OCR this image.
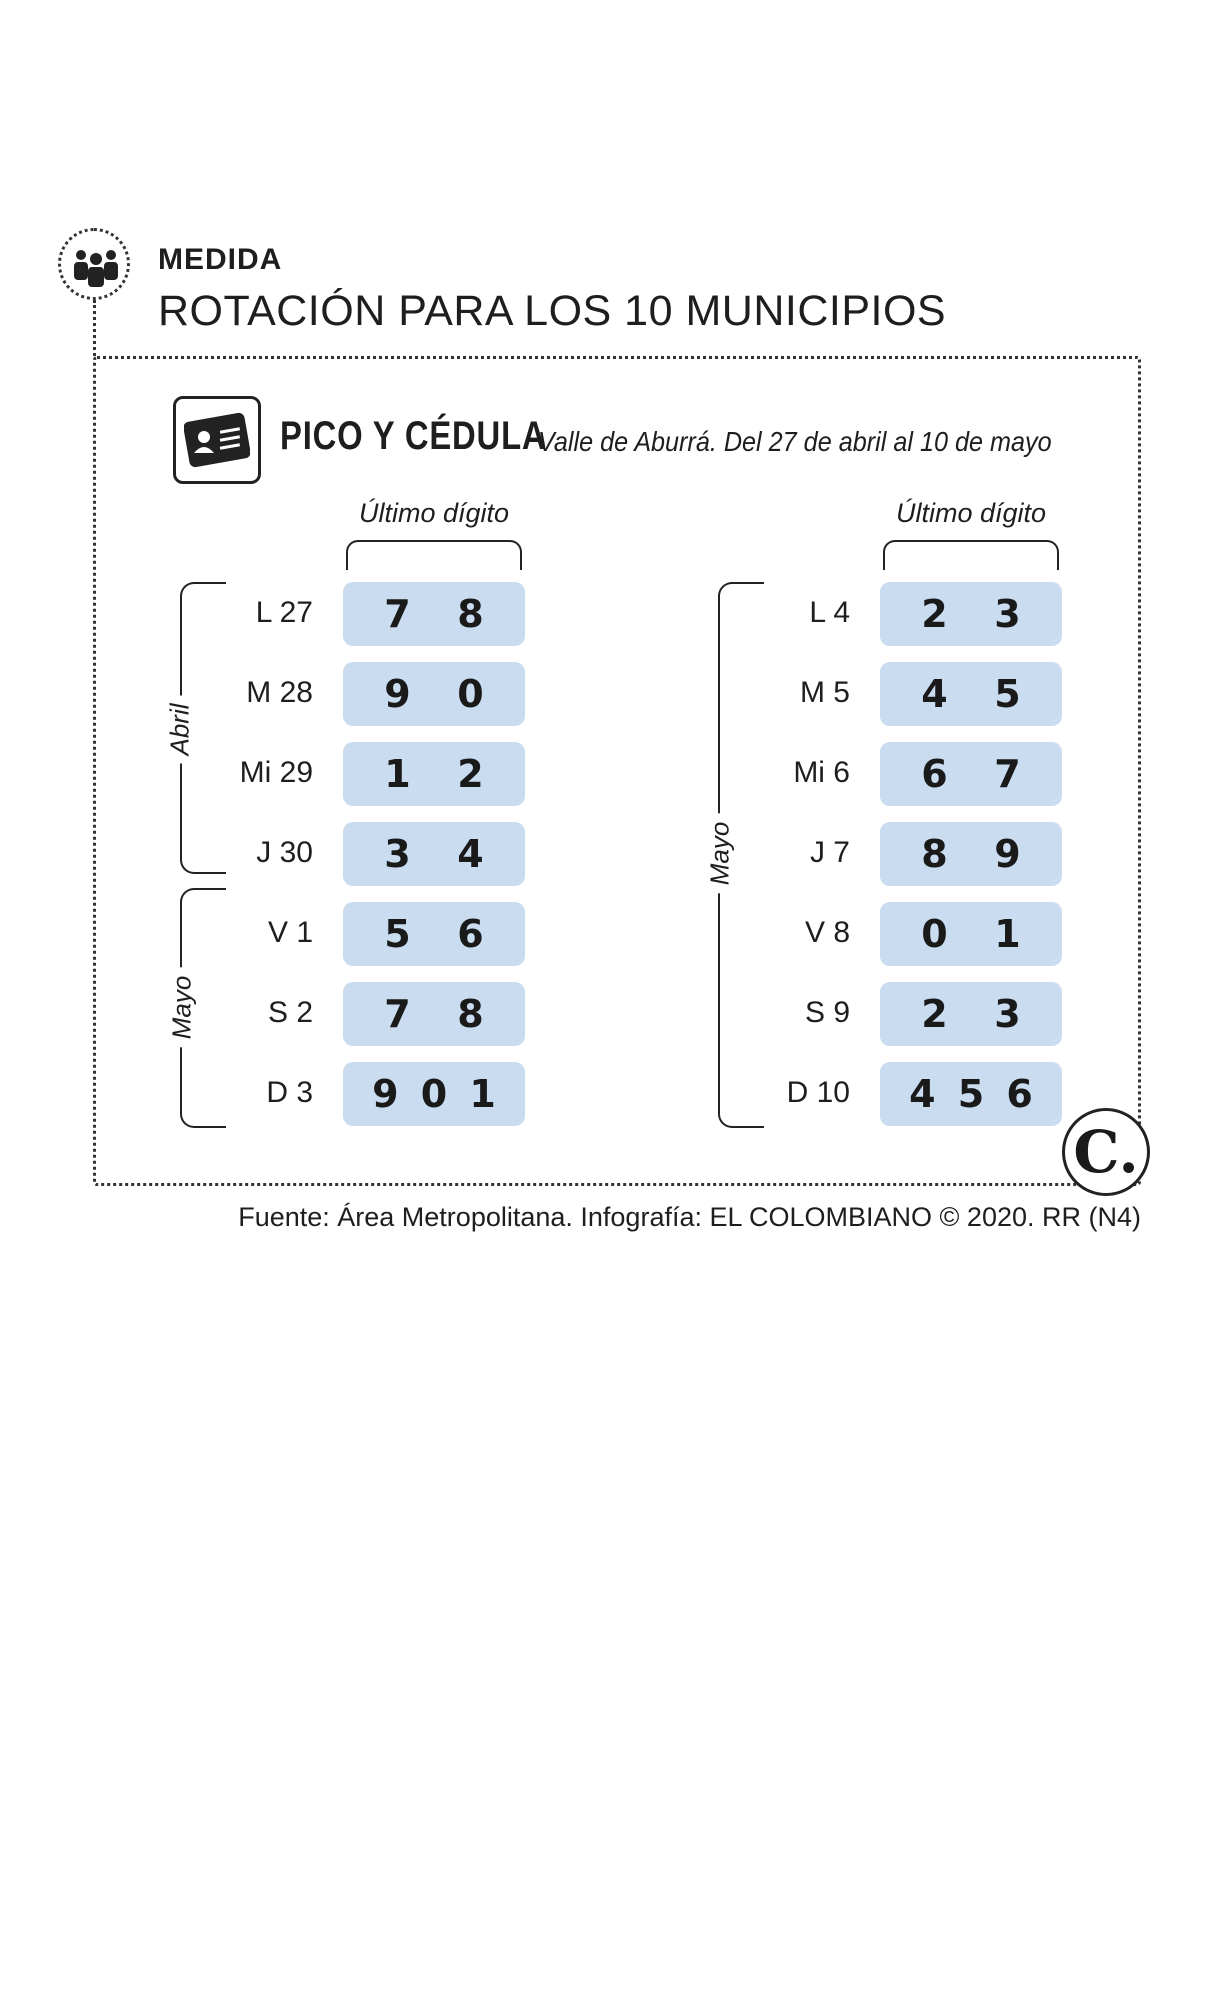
MEDIDA
ROTACIÓN PARA LOS 10 MUNICIPIOS
PICO Y CÉDULA
Valle de Aburrá. Del 27 de abril al 10 de mayo
Último dígito	Último dígito
Abril
Mayo
Mayo
L 27 7 8
M 28 9 0
Mi 29 1 2
J 30 3 4
V 1 5 6
S 2 7 8
D 3 9 0 1
L 4 2 3
M 5 4 5
Mi 6 6 7
J 7 8 9
V 8 0 1
S 9 2 3
D 10 4 5 6
C.
Fuente: Área Metropolitana. Infografía: EL COLOMBIANO © 2020. RR (N4)
